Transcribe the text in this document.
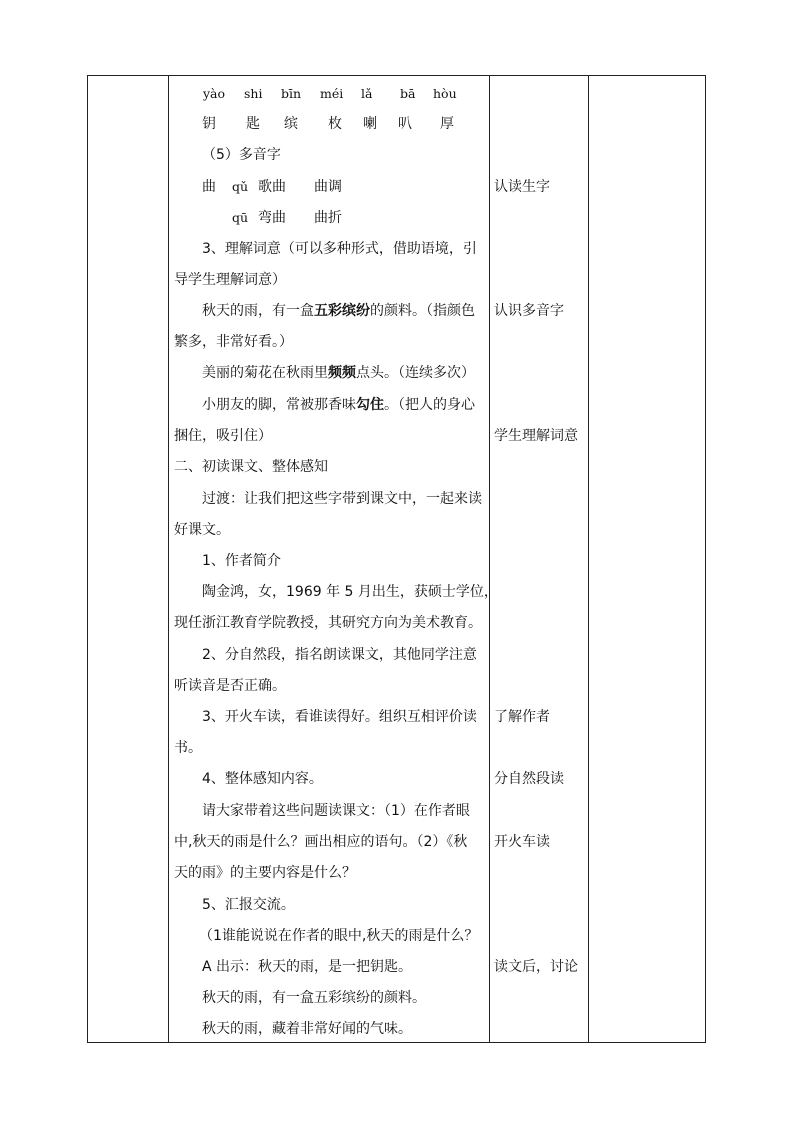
yào shi bīn méi lǎ bā hòu
钥 匙 缤 枚 喇 叭 厚
（5）多音字
曲 qǔ 歌曲 曲调
qū 弯曲 曲折
3、理解词意（可以多种形式，借助语境，引
导学生理解词意）
秋天的雨，有一盒五彩缤纷的颜料。（指颜色
繁多，非常好看。）
美丽的菊花在秋雨里频频点头。（连续多次）
小朋友的脚，常被那香味勾住。（把人的身心
捆住，吸引住）
二、初读课文、整体感知
过渡：让我们把这些字带到课文中，一起来读
好课文。
1、作者简介
陶金鸿，女，1969 年 5 月出生，获硕士学位，
现任浙江教育学院教授，其研究方向为美术教育。
2、分自然段，指名朗读课文，其他同学注意
听读音是否正确。
3、开火车读，看谁读得好。组织互相评价读
书。
4、整体感知内容。
请大家带着这些问题读课文：（1）在作者眼
中,秋天的雨是什么？画出相应的语句。（2）《秋
天的雨》的主要内容是什么？
5、汇报交流。
（1谁能说说在作者的眼中,秋天的雨是什么？
A 出示：秋天的雨，是一把钥匙。
秋天的雨，有一盒五彩缤纷的颜料。
秋天的雨，藏着非常好闻的气味。
认读生字
认识多音字
学生理解词意
了解作者
分自然段读
开火车读
读文后，讨论
